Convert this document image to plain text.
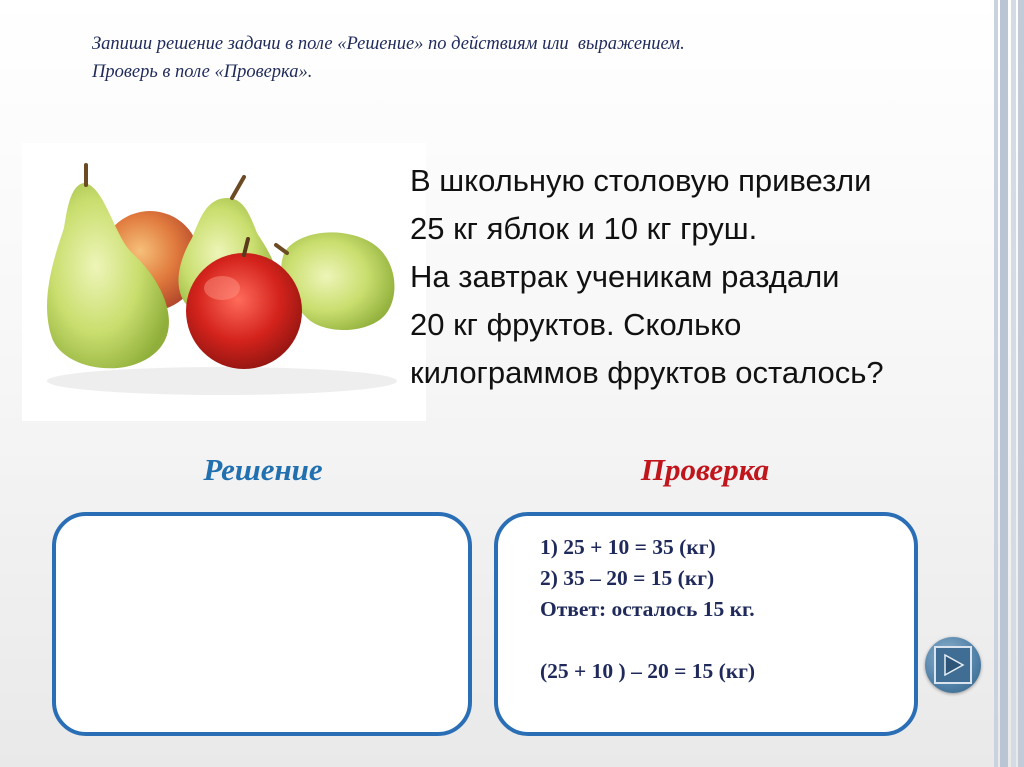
Запиши решение задачи в поле «Решение» по действиям или  выражением.
Проверь в поле «Проверка».
В школьную столовую привезли
25 кг яблок и 10 кг груш.
На завтрак ученикам раздали
20 кг фруктов. Сколько
килограммов фруктов осталось?
Решение	Проверка
1) 25 + 10 = 35 (кг)
2) 35 – 20 = 15 (кг)
Ответ: осталось 15 кг.
(25 + 10 ) – 20 = 15 (кг)
